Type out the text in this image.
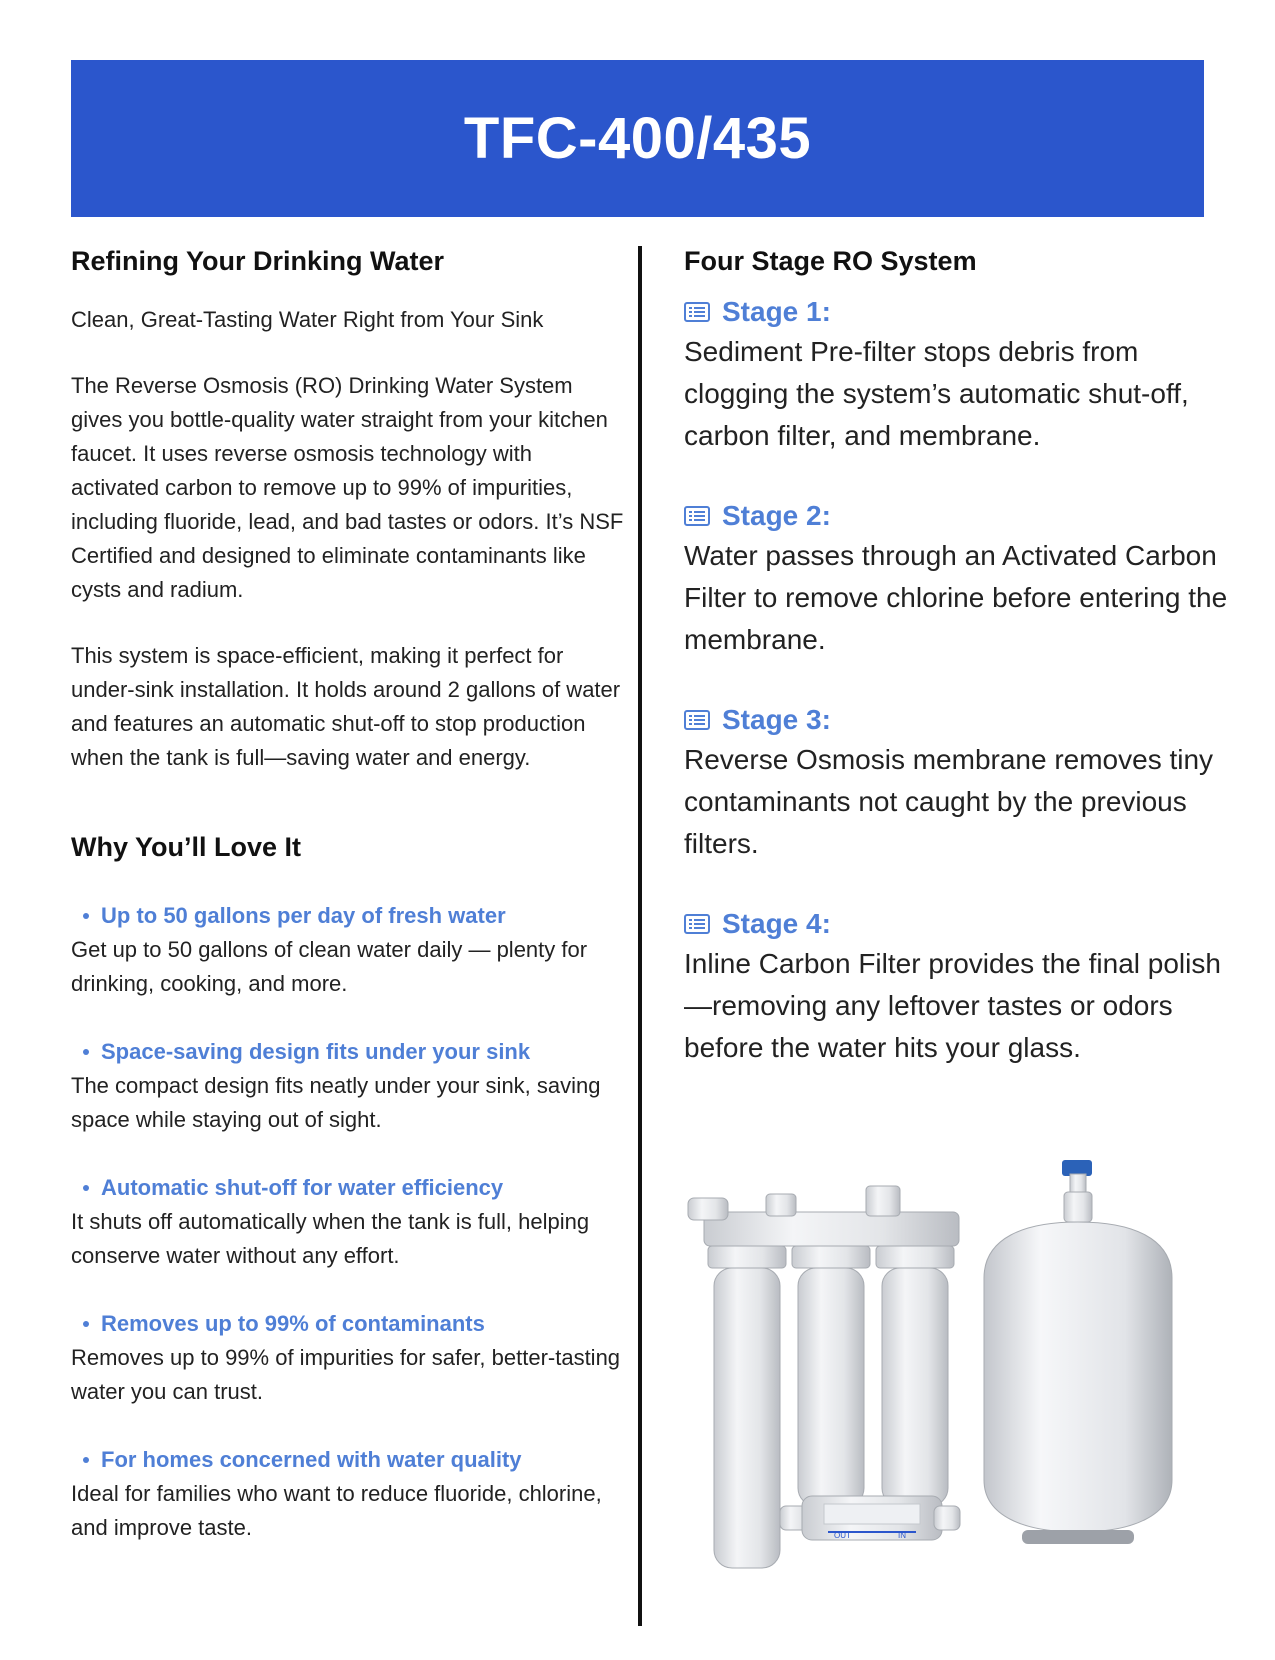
TFC-400/435
Refining Your Drinking Water

Clean, Great-Tasting Water Right from Your Sink

The Reverse Osmosis (RO) Drinking Water System gives you bottle-quality water straight from your kitchen faucet. It uses reverse osmosis technology with activated carbon to remove up to 99% of impurities, including fluoride, lead, and bad tastes or odors. It’s NSF Certified and designed to eliminate contaminants like cysts and radium.

This system is space-efficient, making it perfect for under-sink installation. It holds around 2 gallons of water and features an automatic shut-off to stop production when the tank is full—saving water and energy.

Why You’ll Love It
Up to 50 gallons per day of fresh water

Get up to 50 gallons of clean water daily — plenty for drinking, cooking, and more.

Space-saving design fits under your sink

The compact design fits neatly under your sink, saving space while staying out of sight.

Automatic shut-off for water efficiency

It shuts off automatically when the tank is full, helping conserve water without any effort.

Removes up to 99% of contaminants

Removes up to 99% of impurities for safer, better-tasting water you can trust.

For homes concerned with water quality

Ideal for families who want to reduce fluoride, chlorine, and improve taste.

Four Stage RO System
Stage 1:

Sediment Pre-filter stops debris from clogging the system’s automatic shut-off, carbon filter, and membrane.

Stage 2:

Water passes through an Activated Carbon Filter to remove chlorine before entering the membrane.

Stage 3:

Reverse Osmosis membrane removes tiny contaminants not caught by the previous filters.

Stage 4:

Inline Carbon Filter provides the final polish—removing any leftover tastes or odors before the water hits your glass.

OUT	IN
